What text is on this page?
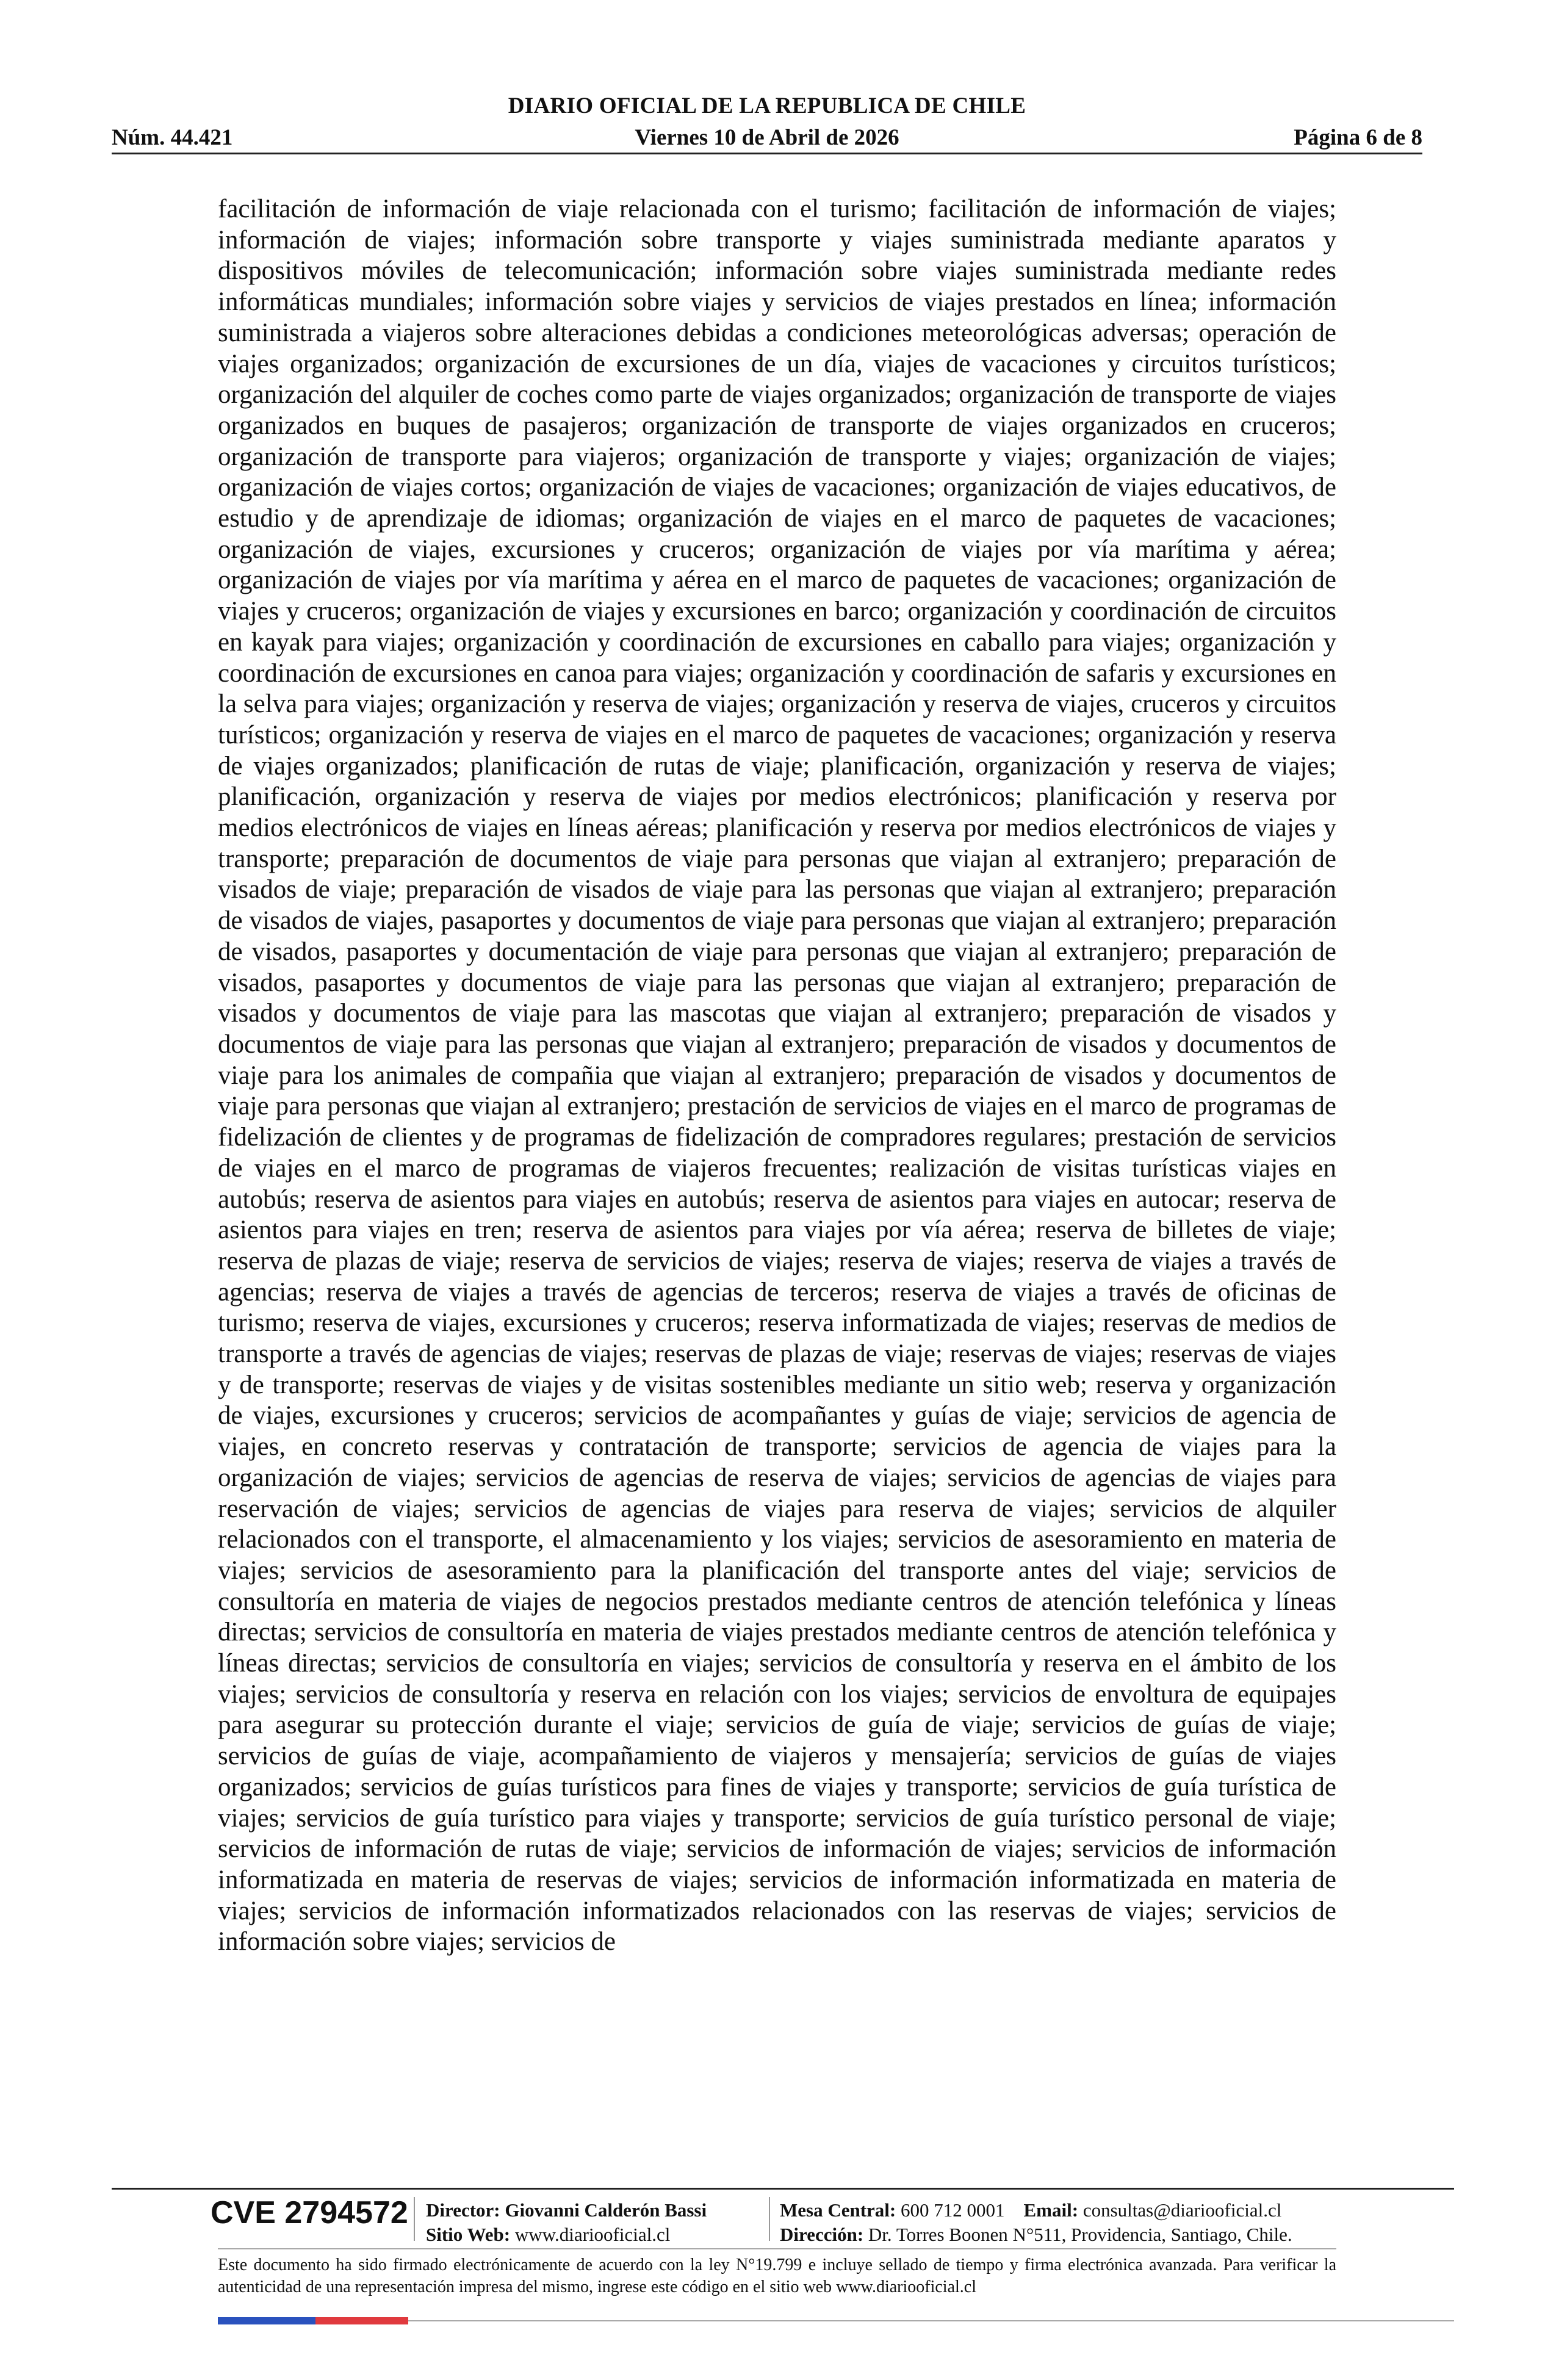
DIARIO OFICIAL DE LA REPUBLICA DE CHILE
Núm. 44.421	Viernes 10 de Abril de 2026	Página 6 de 8
facilitación de información de viaje relacionada con el turismo; facilitación de información de viajes; información de viajes; información sobre transporte y viajes suministrada mediante aparatos y dispositivos móviles de telecomunicación; información sobre viajes suministrada mediante redes informáticas mundiales; información sobre viajes y servicios de viajes prestados en línea; información suministrada a viajeros sobre alteraciones debidas a condiciones meteorológicas adversas; operación de viajes organizados; organización de excursiones de un día, viajes de vacaciones y circuitos turísticos; organización del alquiler de coches como parte de viajes organizados; organización de transporte de viajes organizados en buques de pasajeros; organización de transporte de viajes organizados en cruceros; organización de transporte para viajeros; organización de transporte y viajes; organización de viajes; organización de viajes cortos; organización de viajes de vacaciones; organización de viajes educativos, de estudio y de aprendizaje de idiomas; organización de viajes en el marco de paquetes de vacaciones; organización de viajes, excursiones y cruceros; organización de viajes por vía marítima y aérea; organización de viajes por vía marítima y aérea en el marco de paquetes de vacaciones; organización de viajes y cruceros; organización de viajes y excursiones en barco; organización y coordinación de circuitos en kayak para viajes; organización y coordinación de excursiones en caballo para viajes; organización y coordinación de excursiones en canoa para viajes; organización y coordinación de safaris y excursiones en la selva para viajes; organización y reserva de viajes; organización y reserva de viajes, cruceros y circuitos turísticos; organización y reserva de viajes en el marco de paquetes de vacaciones; organización y reserva de viajes organizados; planificación de rutas de viaje; planificación, organización y reserva de viajes; planificación, organización y reserva de viajes por medios electrónicos; planificación y reserva por medios electrónicos de viajes en líneas aéreas; planificación y reserva por medios electrónicos de viajes y transporte; preparación de documentos de viaje para personas que viajan al extranjero; preparación de visados de viaje; preparación de visados de viaje para las personas que viajan al extranjero; preparación de visados de viajes, pasaportes y documentos de viaje para personas que viajan al extranjero; preparación de visados, pasaportes y documentación de viaje para personas que viajan al extranjero; preparación de visados, pasaportes y documentos de viaje para las personas que viajan al extranjero; preparación de visados y documentos de viaje para las mascotas que viajan al extranjero; preparación de visados y documentos de viaje para las personas que viajan al extranjero; preparación de visados y documentos de viaje para los animales de compañia que viajan al extranjero; preparación de visados y documentos de viaje para personas que viajan al extranjero; prestación de servicios de viajes en el marco de programas de fidelización de clientes y de programas de fidelización de compradores regulares; prestación de servicios de viajes en el marco de programas de viajeros frecuentes; realización de visitas turísticas viajes en autobús; reserva de asientos para viajes en autobús; reserva de asientos para viajes en autocar; reserva de asientos para viajes en tren; reserva de asientos para viajes por vía aérea; reserva de billetes de viaje; reserva de plazas de viaje; reserva de servicios de viajes; reserva de viajes; reserva de viajes a través de agencias; reserva de viajes a través de agencias de terceros; reserva de viajes a través de oficinas de turismo; reserva de viajes, excursiones y cruceros; reserva informatizada de viajes; reservas de medios de transporte a través de agencias de viajes; reservas de plazas de viaje; reservas de viajes; reservas de viajes y de transporte; reservas de viajes y de visitas sostenibles mediante un sitio web; reserva y organización de viajes, excursiones y cruceros; servicios de acompañantes y guías de viaje; servicios de agencia de viajes, en concreto reservas y contratación de transporte; servicios de agencia de viajes para la organización de viajes; servicios de agencias de reserva de viajes; servicios de agencias de viajes para reservación de viajes; servicios de agencias de viajes para reserva de viajes; servicios de alquiler relacionados con el transporte, el almacenamiento y los viajes; servicios de asesoramiento en materia de viajes; servicios de asesoramiento para la planificación del transporte antes del viaje; servicios de consultoría en materia de viajes de negocios prestados mediante centros de atención telefónica y líneas directas; servicios de consultoría en materia de viajes prestados mediante centros de atención telefónica y líneas directas; servicios de consultoría en viajes; servicios de consultoría y reserva en el ámbito de los viajes; servicios de consultoría y reserva en relación con los viajes; servicios de envoltura de equipajes para asegurar su protección durante el viaje; servicios de guía de viaje; servicios de guías de viaje; servicios de guías de viaje, acompañamiento de viajeros y mensajería; servicios de guías de viajes organizados; servicios de guías turísticos para fines de viajes y transporte; servicios de guía turística de viajes; servicios de guía turístico para viajes y transporte; servicios de guía turístico personal de viaje; servicios de información de rutas de viaje; servicios de información de viajes; servicios de información informatizada en materia de reservas de viajes; servicios de información informatizada en materia de viajes; servicios de información informatizados relacionados con las reservas de viajes; servicios de información sobre viajes; servicios de
CVE 2794572 Director: Giovanni Calderón Bassi
Sitio Web: www.diariooficial.cl
Mesa Central: 600 712 0001 Email: consultas@diariooficial.cl
Dirección: Dr. Torres Boonen N°511, Providencia, Santiago, Chile.
Este documento ha sido firmado electrónicamente de acuerdo con la ley N°19.799 e incluye sellado de tiempo y firma electrónica avanzada. Para verificar la autenticidad de una representación impresa del mismo, ingrese este código en el sitio web www.diariooficial.cl
